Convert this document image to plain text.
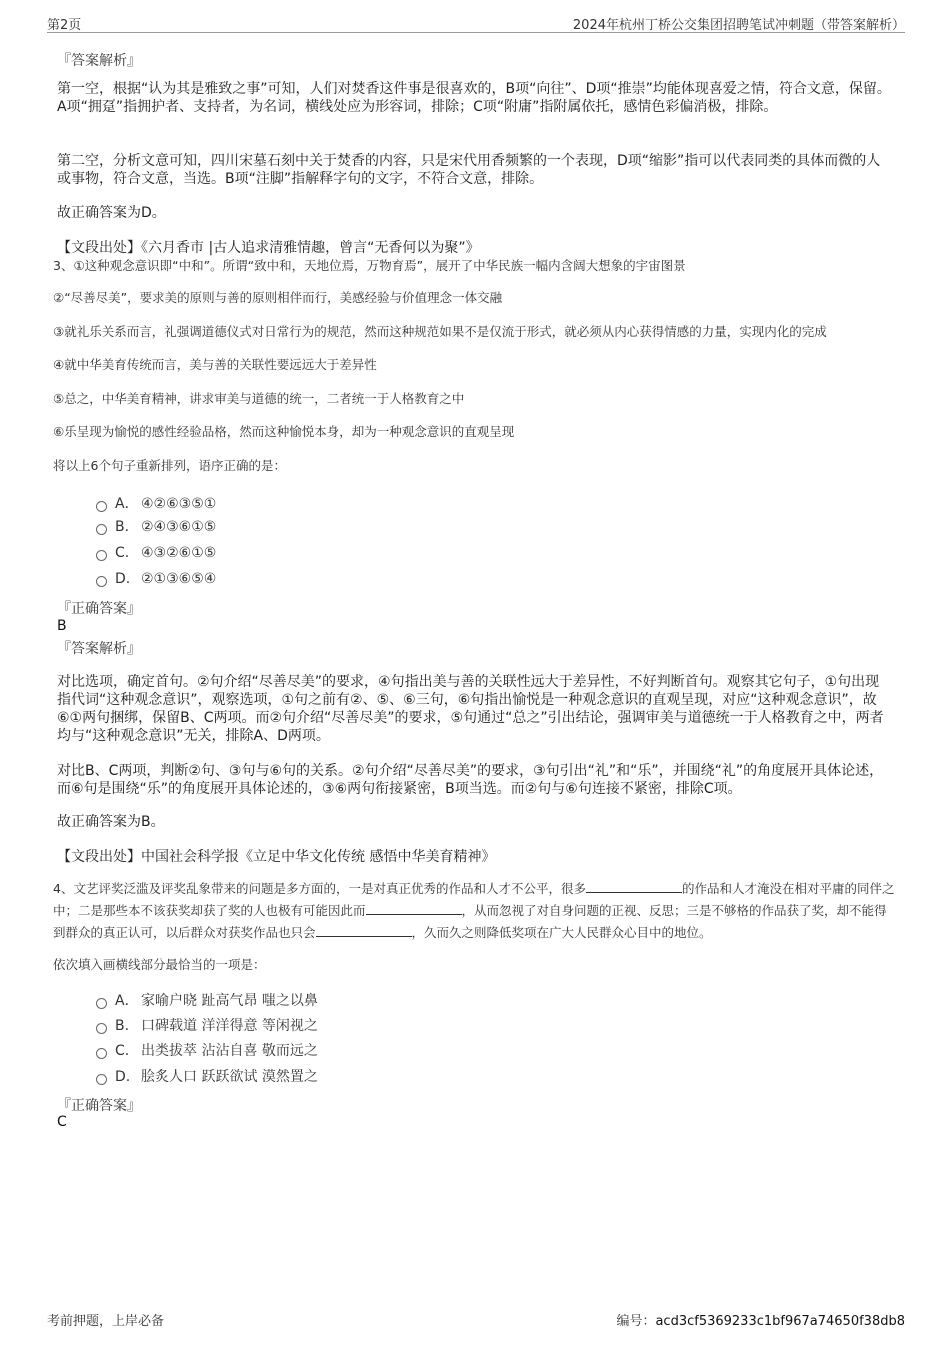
第2页	2024年杭州丁桥公交集团招聘笔试冲刺题（带答案解析）
『答案解析』

第一空，根据“认为其是雅致之事”可知，人们对焚香这件事是很喜欢的，B项“向往”、D项“推崇”均能体现喜爱之情，符合文意，保留。A项“拥趸”指拥护者、支持者，为名词，横线处应为形容词，排除；C项“附庸”指附属依托，感情色彩偏消极，排除。

第二空，分析文意可知，四川宋墓石刻中关于焚香的内容，只是宋代用香频繁的一个表现，D项“缩影”指可以代表同类的具体而微的人或事物，符合文意，当选。B项“注脚”指解释字句的文字，不符合文意，排除。

故正确答案为D。
【文段出处】《六月香市 |古人追求清雅情趣，曾言“无香何以为聚”》
3、①这种观念意识即“中和”。所谓“致中和，天地位焉，万物育焉”，展开了中华民族一幅内含阔大想象的宇宙图景
②“尽善尽美”，要求美的原则与善的原则相伴而行，美感经验与价值理念一体交融
③就礼乐关系而言，礼强调道德仪式对日常行为的规范，然而这种规范如果不是仅流于形式，就必须从内心获得情感的力量，实现内化的完成
④就中华美育传统而言，美与善的关联性要远远大于差异性
⑤总之，中华美育精神，讲求审美与道德的统一，二者统一于人格教育之中
⑥乐呈现为愉悦的感性经验品格，然而这种愉悦本身，却为一种观念意识的直观呈现
将以上6个句子重新排列，语序正确的是：
A． ④②⑥③⑤①
B. ②④③⑥①⑤
C. ④③②⑥①⑤
D. ②①③⑥⑤④
『正确答案』
B
『答案解析』

对比选项，确定首句。②句介绍“尽善尽美”的要求，④句指出美与善的关联性远大于差异性，不好判断首句。观察其它句子，①句出现指代词“这种观念意识”，观察选项，①句之前有②、⑤、⑥三句，⑥句指出愉悦是一种观念意识的直观呈现，对应“这种观念意识”，故⑥①两句捆绑，保留B、C两项。而②句介绍“尽善尽美”的要求，⑤句通过“总之”引出结论，强调审美与道德统一于人格教育之中，两者均与“这种观念意识”无关，排除A、D两项。

对比B、C两项，判断②句、③句与⑥句的关系。②句介绍“尽善尽美”的要求，③句引出“礼”和“乐”，并围绕“礼”的角度展开具体论述，而⑥句是围绕“乐”的角度展开具体论述的，③⑥两句衔接紧密，B项当选。而②句与⑥句连接不紧密，排除C项。

故正确答案为B。
【文段出处】中国社会科学报《立足中华文化传统 感悟中华美育精神》

4、文艺评奖泛滥及评奖乱象带来的问题是多方面的，一是对真正优秀的作品和人才不公平，很多	的作品和人才淹没在相对平庸的同伴之中；二是那些本不该获奖却获了奖的人也极有可能因此而	，从而忽视了对自身问题的正视、反思；三是不够格的作品获了奖，却不能得到群众的真正认可，以后群众对获奖作品也只会	，久而久之则降低奖项在广大人民群众心目中的地位。

依次填入画横线部分最恰当的一项是：
A． 家喻户晓 趾高气昂 嗤之以鼻
B. 口碑载道 洋洋得意 等闲视之
C. 出类拔萃 沾沾自喜 敬而远之
D. 脍炙人口 跃跃欲试 漠然置之
『正确答案』
C
考前押题，上岸必备	编号：acd3cf5369233c1bf967a74650f38db8
